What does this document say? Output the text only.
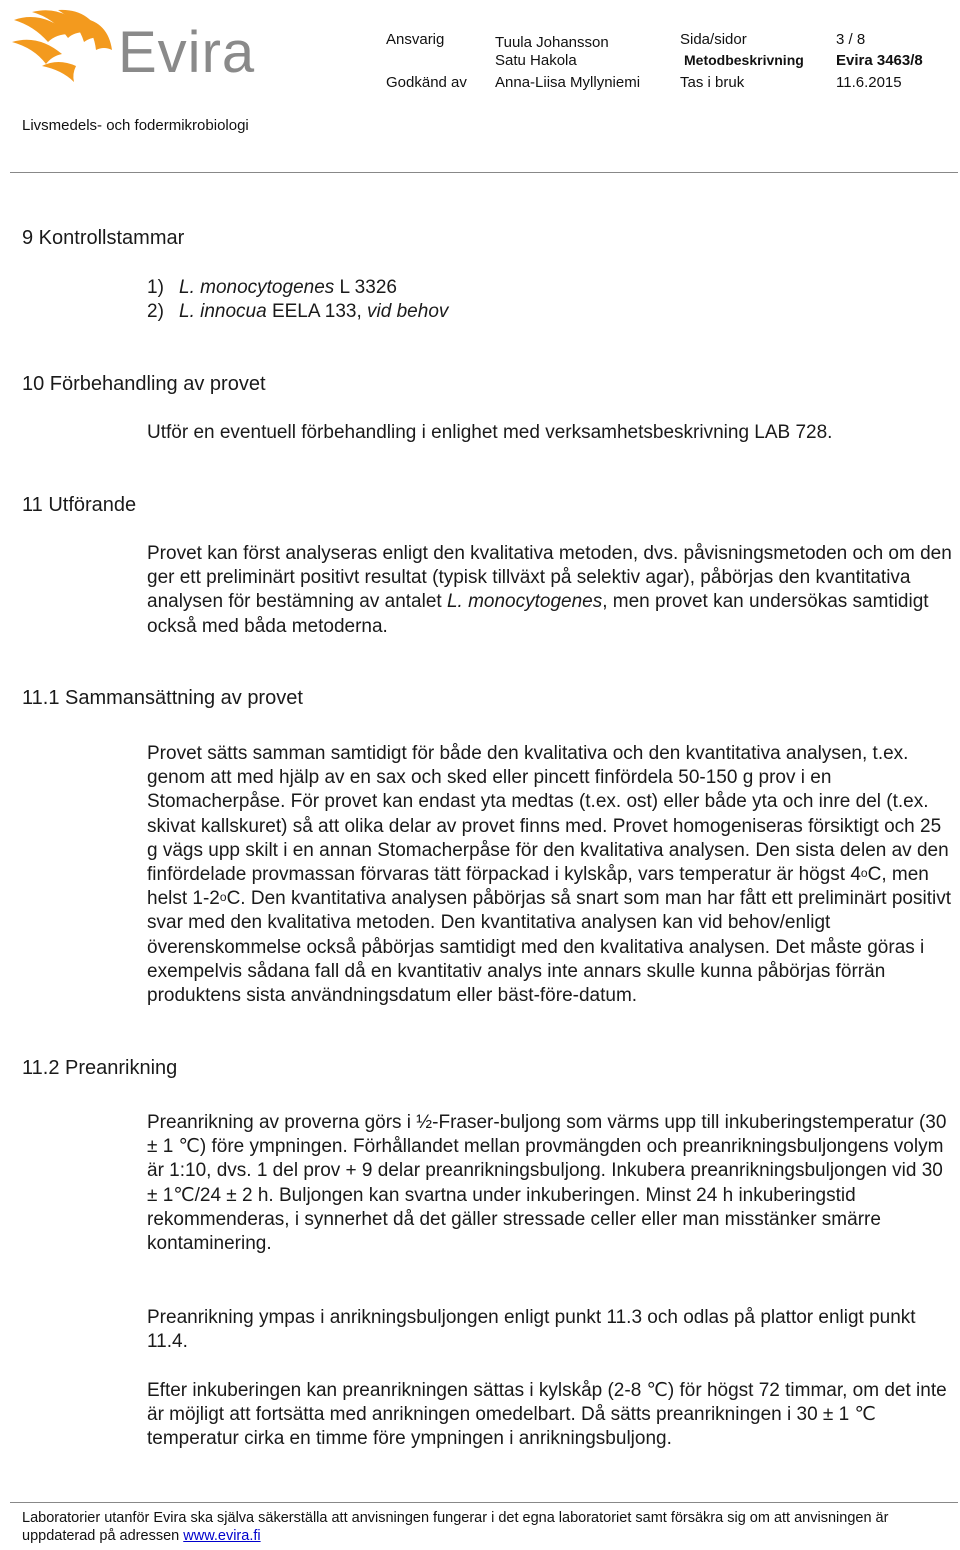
Evira	Ansvarig	Tuula Johansson
Satu Hakola
Sida/sidor	3 / 8
Metodbeskrivning Evira 3463/8
Godkänd av Anna-Liisa Myllyniemi	Tas i bruk	11.6.2015
Livsmedels- och fodermikrobiologi
9 Kontrollstammar
1) L. monocytogenes L 3326
2) L. innocua EELA 133, vid behov
10 Förbehandling av provet
Utför en eventuell förbehandling i enlighet med verksamhetsbeskrivning LAB 728.
11 Utförande
Provet kan först analyseras enligt den kvalitativa metoden, dvs. påvisningsmetoden och om den ger ett preliminärt positivt resultat (typisk tillväxt på selektiv agar), påbörjas den kvantitativa analysen för bestämning av antalet L. monocytogenes, men provet kan undersökas samtidigt också med båda metoderna.
11.1 Sammansättning av provet
Provet sätts samman samtidigt för både den kvalitativa och den kvantitativa analysen, t.ex. genom att med hjälp av en sax och sked eller pincett finfördela 50-150 g prov i en Stomacherpåse. För provet kan endast yta medtas (t.ex. ost) eller både yta och inre del (t.ex. skivat kallskuret) så att olika delar av provet finns med. Provet homogeniseras försiktigt och 25 g vägs upp skilt i en annan Stomacherpåse för den kvalitativa analysen. Den sista delen av den finfördelade provmassan förvaras tätt förpackad i kylskåp, vars temperatur är högst 4$^o$C, men helst 1-2$^o$C. Den kvantitativa analysen påbörjas så snart som man har fått ett preliminärt positivt svar med den kvalitativa metoden. Den kvantitativa analysen kan vid behov/enligt överenskommelse också påbörjas samtidigt med den kvalitativa analysen. Det måste göras i exempelvis sådana fall då en kvantitativ analys inte annars skulle kunna påbörjas förrän produktens sista användningsdatum eller bäst-före-datum.
11.2 Preanrikning
Preanrikning av proverna görs i ½-Fraser-buljong som värms upp till inkuberingstemperatur (30 ± 1 ℃) före ympningen. Förhållandet mellan provmängden och preanrikningsbuljongens volym är 1:10, dvs. 1 del prov + 9 delar preanrikningsbuljong. Inkubera preanrikningsbuljongen vid 30 ± 1℃/24 ± 2 h. Buljongen kan svartna under inkuberingen. Minst 24 h inkuberingstid rekommenderas, i synnerhet då det gäller stressade celler eller man misstänker smärre kontaminering.
Preanrikning ympas i anrikningsbuljongen enligt punkt 11.3 och odlas på plattor enligt punkt 11.4.
Efter inkuberingen kan preanrikningen sättas i kylskåp (2-8 ℃) för högst 72 timmar, om det inte är möjligt att fortsätta med anrikningen omedelbart. Då sätts preanrikningen i 30 ± 1 ℃ temperatur cirka en timme före ympningen i anrikningsbuljong.
Laboratorier utanför Evira ska själva säkerställa att anvisningen fungerar i det egna laboratoriet samt försäkra sig om att anvisningen är uppdaterad på adressen www.evira.fi
